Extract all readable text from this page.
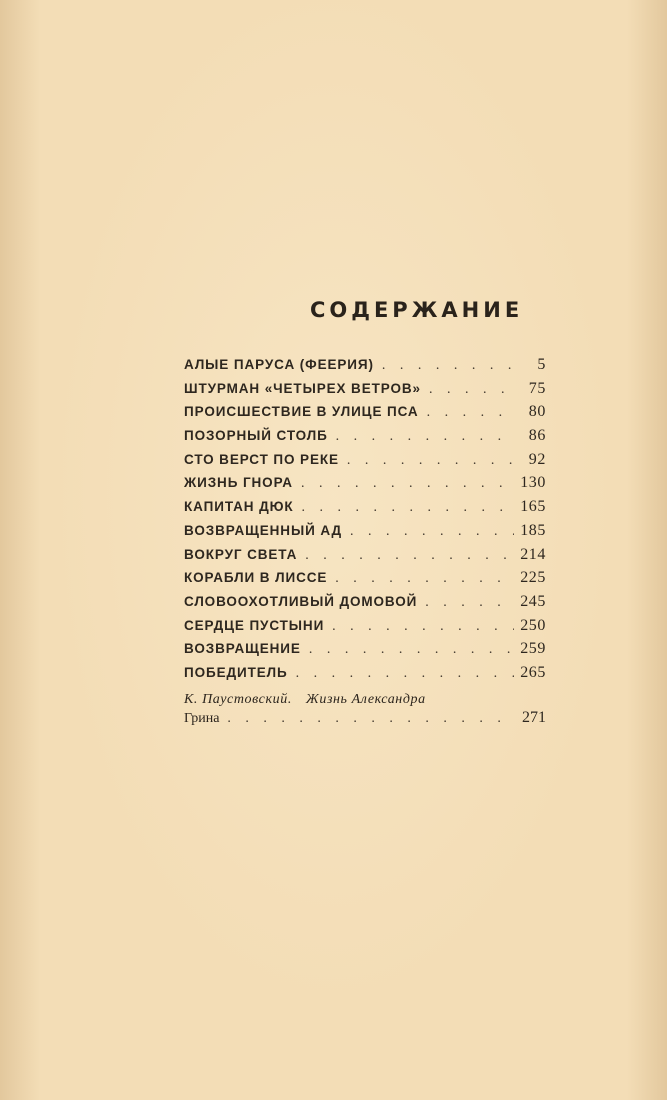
СОДЕРЖАНИЕ
АЛЫЕ ПАРУСА (ФЕЕРИЯ) . . .	5
ШТУРМАН «ЧЕТЫРЕХ ВЕТРОВ» . . .	75
ПРОИСШЕСТВИЕ В УЛИЦЕ ПСА . . .	80
ПОЗОРНЫЙ СТОЛБ . . .	86
СТО ВЕРСТ ПО РЕКЕ . . .	92
ЖИЗНЬ ГНОРА . . .	130
КАПИТАН ДЮК . . .	165
ВОЗВРАЩЕННЫЙ АД . . .	185
ВОКРУГ СВЕТА . . .	214
КОРАБЛИ В ЛИССЕ . . .	225
СЛОВООХОТЛИВЫЙ ДОМОВОЙ . . .	245
СЕРДЦЕ ПУСТЫНИ . . .	250
ВОЗВРАЩЕНИЕ . . .	259
ПОБЕДИТЕЛЬ . . .	265
К. Паустовский. Жизнь Александра
Грина . . .	271
